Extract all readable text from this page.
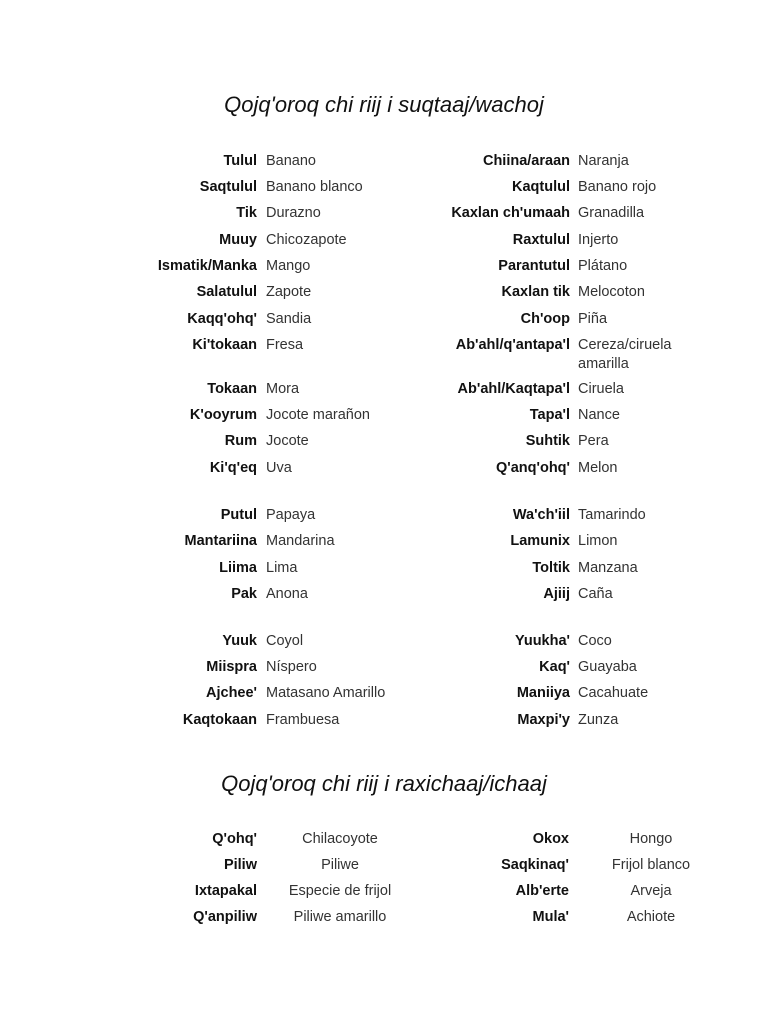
Qojq'oroq chi riij i suqtaaj/wachoj
Tulul Banano
Saqtulul Banano blanco
Tik Durazno
Muuy Chicozapote
Ismatik/Manka Mango
Salatulul Zapote
Kaqq'ohq' Sandia
Ki'tokaan Fresa
Tokaan Mora
K'ooyrum Jocote marañon
Rum Jocote
Ki'q'eq Uva
Putul Papaya
Mantariina Mandarina
Liima Lima
Pak Anona
Yuuk Coyol
Miispra Níspero
Ajchee' Matasano Amarillo
Kaqtokaan Frambuesa
Chiina/araan Naranja
Kaqtulul Banano rojo
Kaxlan ch'umaah Granadilla
Raxtulul Injerto
Parantutul Plátano
Kaxlan tik Melocoton
Ch'oop Piña
Ab'ahl/q'antapa'l Cereza/ciruela amarilla
Ab'ahl/Kaqtapa'l Ciruela
Tapa'l Nance
Suhtik Pera
Q'anq'ohq' Melon
Wa'ch'iil Tamarindo
Lamunix Limon
Toltik Manzana
Ajiij Caña
Yuukha' Coco
Kaq' Guayaba
Maniiya Cacahuate
Maxpi'y Zunza
Qojq'oroq chi riij i raxichaaj/ichaaj
Q'ohq'	Chilacoyote
Piliw	Piliwe
Ixtapakal	Especie de frijol
Q'anpiliw	Piliwe amarillo
Okox	Hongo
Saqkinaq'	Frijol blanco
Alb'erte	Arveja
Mula'	Achiote
